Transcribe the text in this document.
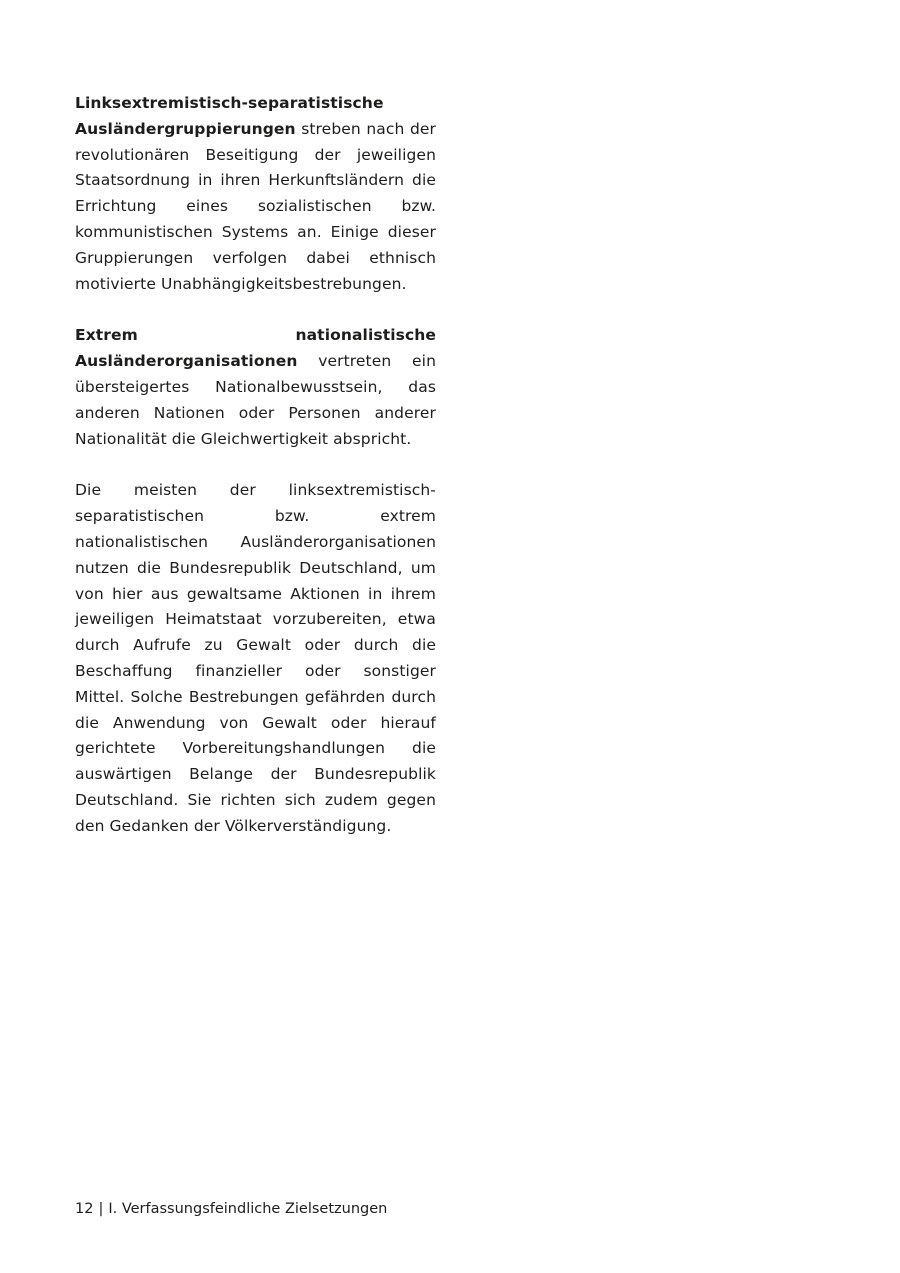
Linksextremistisch-separatistische Ausländergruppierungen streben nach der revolutionären Beseitigung der jeweiligen Staatsordnung in ihren Herkunftsländern die Errichtung eines sozialistischen bzw. kommunistischen Systems an. Einige dieser Gruppierungen verfolgen dabei ethnisch motivierte Unabhängigkeitsbestrebungen.

Extrem nationalistische Ausländerorganisationen vertreten ein übersteigertes Nationalbewusstsein, das anderen Nationen oder Personen anderer Nationalität die Gleichwertigkeit abspricht.

Die meisten der linksextremistisch-separatistischen bzw. extrem nationalistischen Ausländerorganisationen nutzen die Bundesrepublik Deutschland, um von hier aus gewaltsame Aktionen in ihrem jeweiligen Heimatstaat vorzubereiten, etwa durch Aufrufe zu Gewalt oder durch die Beschaffung finanzieller oder sonstiger Mittel. Solche Bestrebungen gefährden durch die Anwendung von Gewalt oder hierauf gerichtete Vorbereitungshandlungen die auswärtigen Belange der Bundesrepublik Deutschland. Sie richten sich zudem gegen den Gedanken der Völkerverständigung.

12 | I. Verfassungsfeindliche Zielsetzungen
